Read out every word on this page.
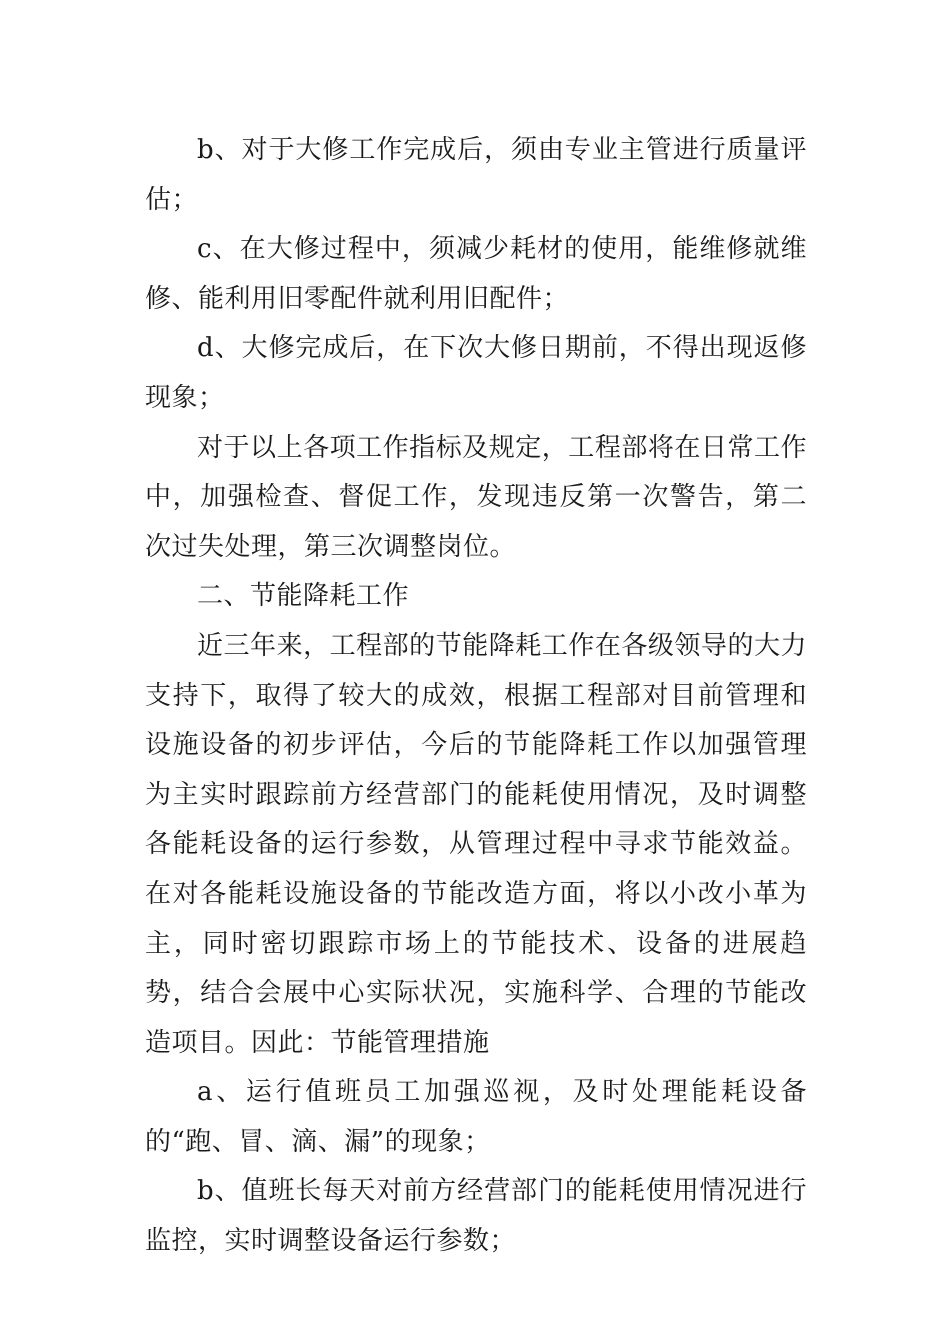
b、对于大修工作完成后，须由专业主管进行质量评估；

c、在大修过程中，须减少耗材的使用，能维修就维修、能利用旧零配件就利用旧配件；

d、大修完成后，在下次大修日期前，不得出现返修现象；

对于以上各项工作指标及规定，工程部将在日常工作中，加强检查、督促工作，发现违反第一次警告，第二次过失处理，第三次调整岗位。

二、节能降耗工作

近三年来，工程部的节能降耗工作在各级领导的大力支持下，取得了较大的成效，根据工程部对目前管理和设施设备的初步评估，今后的节能降耗工作以加强管理为主实时跟踪前方经营部门的能耗使用情况，及时调整各能耗设备的运行参数，从管理过程中寻求节能效益。在对各能耗设施设备的节能改造方面，将以小改小革为主，同时密切跟踪市场上的节能技术、设备的进展趋势，结合会展中心实际状况，实施科学、合理的节能改造项目。因此：节能管理措施

a、运行值班员工加强巡视，及时处理能耗设备的“跑、冒、滴、漏”的现象；

b、值班长每天对前方经营部门的能耗使用情况进行监控，实时调整设备运行参数；
